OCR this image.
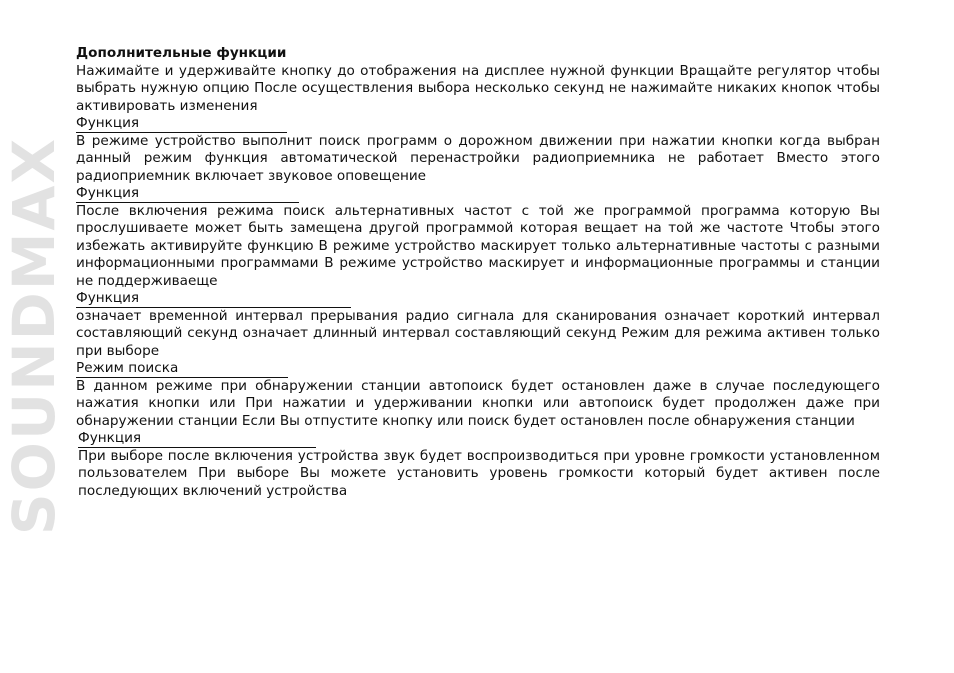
SOUNDMAX

Дополнительные функции

Нажимайте и удерживайте кнопку до отображения на дисплее нужной функции Вращайте регулятор чтобы выбрать нужную опцию После осуществления выбора несколько секунд не нажимайте никаких кнопок чтобы активировать изменения

Функция

В режиме устройство выполнит поиск программ о дорожном движении при нажатии кнопки когда выбран данный режим функция автоматической перенастройки радиоприемника не работает Вместо этого радиоприемник включает звуковое оповещение

Функция

После включения режима поиск альтернативных частот с той же программой программа которую Вы прослушиваете может быть замещена другой программой которая вещает на той же частоте Чтобы этого избежать активируйте функцию В режиме устройство маскирует только альтернативные частоты с разными информационными программами В режиме устройство маскирует и информационные программы и станции не поддерживаеще

Функция

означает временной интервал прерывания радио сигнала для сканирования означает короткий интервал составляющий секунд означает длинный интервал составляющий секунд Режим для режима активен только при выборе

Режим поиска

В данном режиме при обнаружении станции автопоиск будет остановлен даже в случае последующего нажатия кнопки или При нажатии и удерживании кнопки или автопоиск будет продолжен даже при обнаружении станции Если Вы отпустите кнопку или поиск будет остановлен после обнаружения станции

Функция

При выборе после включения устройства звук будет воспроизводиться при уровне громкости установленном пользователем При выборе Вы можете установить уровень громкости который будет активен после последующих включений устройства
